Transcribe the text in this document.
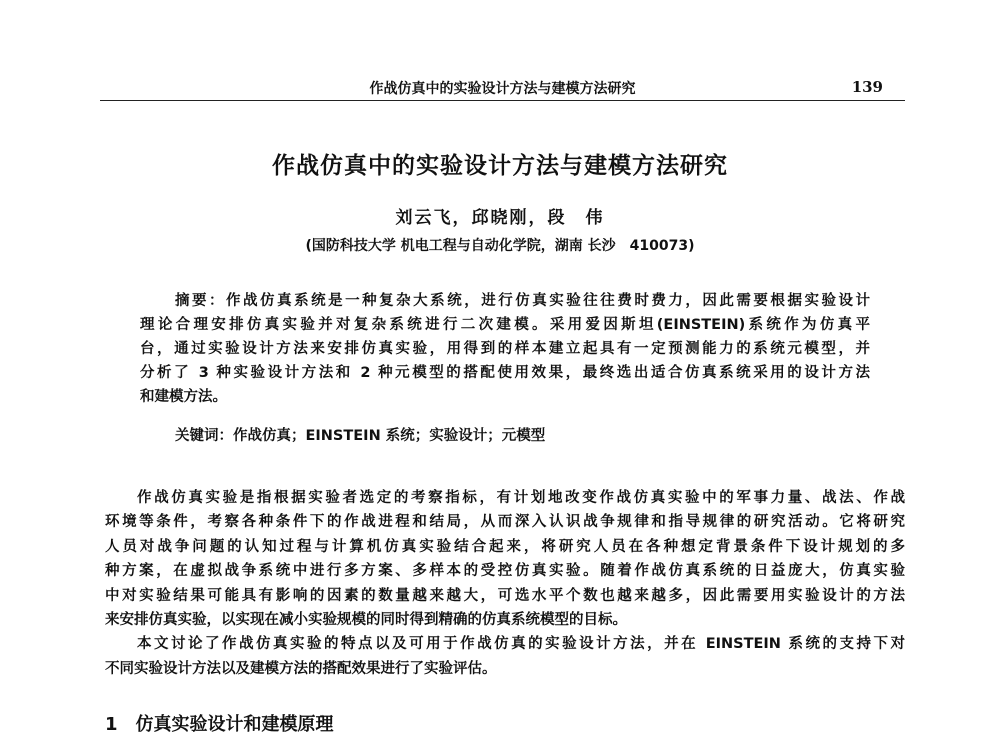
作战仿真中的实验设计方法与建模方法研究	139
作战仿真中的实验设计方法与建模方法研究
刘云飞，邱晓刚，段　伟
(国防科技大学 机电工程与自动化学院，湖南 长沙　410073)
摘要：作战仿真系统是一种复杂大系统，进行仿真实验往往费时费力，因此需要根据实验设计
理论合理安排仿真实验并对复杂系统进行二次建模。采用爱因斯坦(EINSTEIN)系统作为仿真平
台，通过实验设计方法来安排仿真实验，用得到的样本建立起具有一定预测能力的系统元模型，并
分析了 3 种实验设计方法和 2 种元模型的搭配使用效果，最终选出适合仿真系统采用的设计方法
和建模方法。
关键词：作战仿真；EINSTEIN 系统；实验设计；元模型
作战仿真实验是指根据实验者选定的考察指标，有计划地改变作战仿真实验中的军事力量、战法、作战
环境等条件，考察各种条件下的作战进程和结局，从而深入认识战争规律和指导规律的研究活动。它将研究
人员对战争问题的认知过程与计算机仿真实验结合起来，将研究人员在各种想定背景条件下设计规划的多
种方案，在虚拟战争系统中进行多方案、多样本的受控仿真实验。随着作战仿真系统的日益庞大，仿真实验
中对实验结果可能具有影响的因素的数量越来越大，可选水平个数也越来越多，因此需要用实验设计的方法
来安排仿真实验，以实现在减小实验规模的同时得到精确的仿真系统模型的目标。
本文讨论了作战仿真实验的特点以及可用于作战仿真的实验设计方法，并在 EINSTEIN 系统的支持下对
不同实验设计方法以及建模方法的搭配效果进行了实验评估。
1 仿真实验设计和建模原理
